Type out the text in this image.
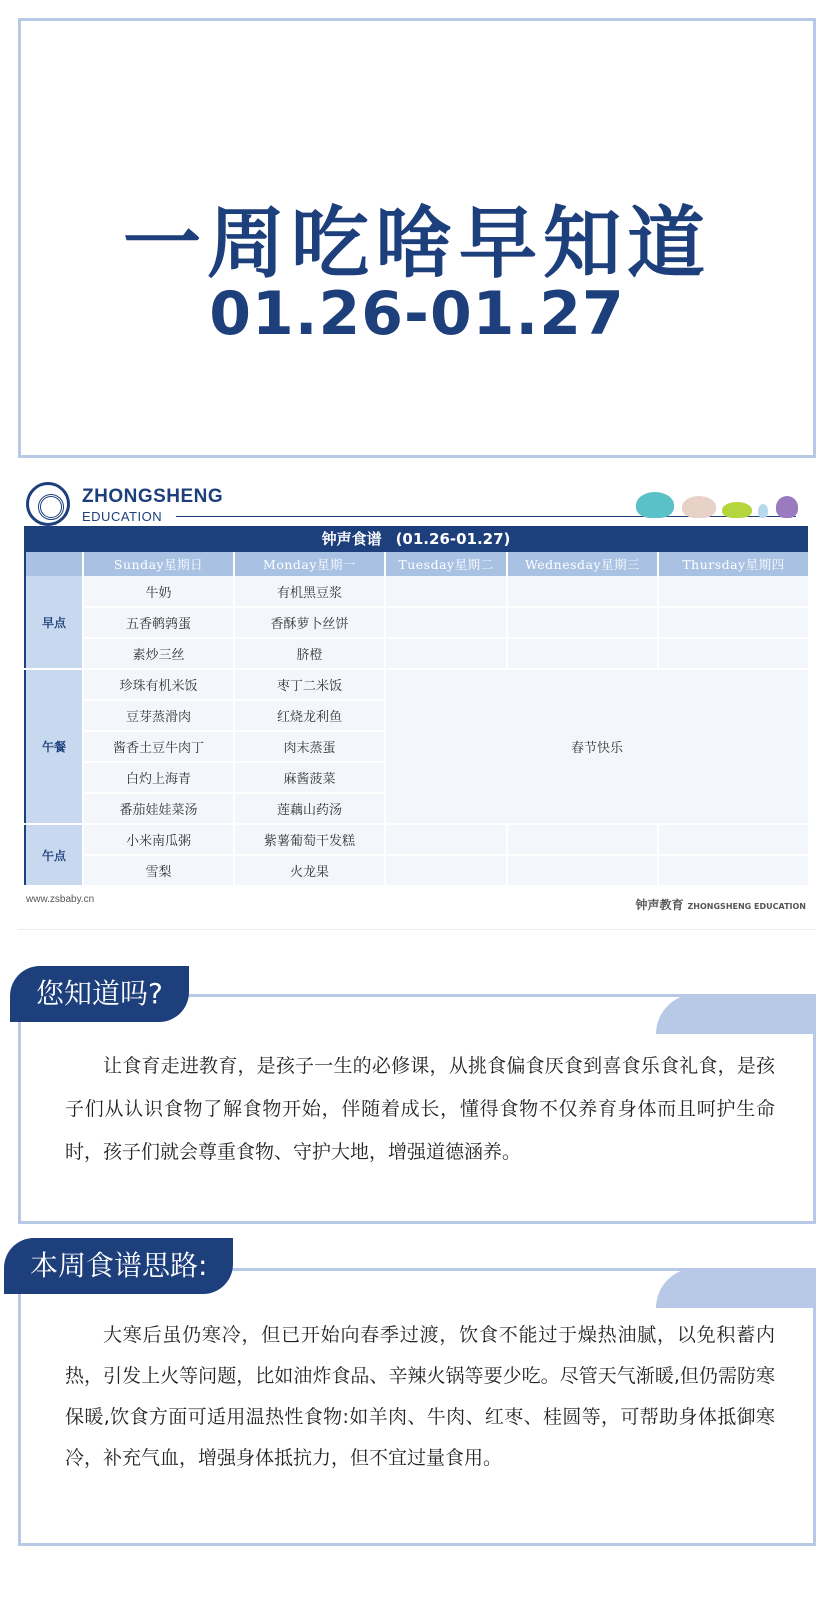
一周吃啥早知道
01.26-01.27
ZHONGSHENG
EDUCATION
钟声食谱 (01.26-01.27)
	Sunday星期日	Monday星期一	Tuesday星期二	Wednesday星期三	Thursday星期四
早点	牛奶	有机黑豆浆			
	五香鹌鹑蛋	香酥萝卜丝饼			
	素炒三丝	脐橙			
午餐	珍珠有机米饭	枣丁二米饭	春节快乐		
	豆芽蒸滑肉	红烧龙利鱼			
	酱香土豆牛肉丁	肉末蒸蛋			
	白灼上海青	麻酱菠菜			
	番茄娃娃菜汤	莲藕山药汤			
午点	小米南瓜粥	紫薯葡萄干发糕			
	雪梨	火龙果			
www.zsbaby.cn	钟声教育 ZHONGSHENG EDUCATION
让食育走进教育，是孩子一生的必修课，从挑食偏食厌食到喜食乐食礼食，是孩子们从认识食物了解食物开始，伴随着成长，懂得食物不仅养育身体而且呵护生命时，孩子们就会尊重食物、守护大地，增强道德涵养。
您知道吗?
大寒后虽仍寒冷，但已开始向春季过渡，饮食不能过于燥热油腻，以免积蓄内热，引发上火等问题，比如油炸食品、辛辣火锅等要少吃。尽管天气渐暖,但仍需防寒保暖,饮食方面可适用温热性食物:如羊肉、牛肉、红枣、桂圆等，可帮助身体抵御寒冷，补充气血，增强身体抵抗力，但不宜过量食用。
本周食谱思路:
